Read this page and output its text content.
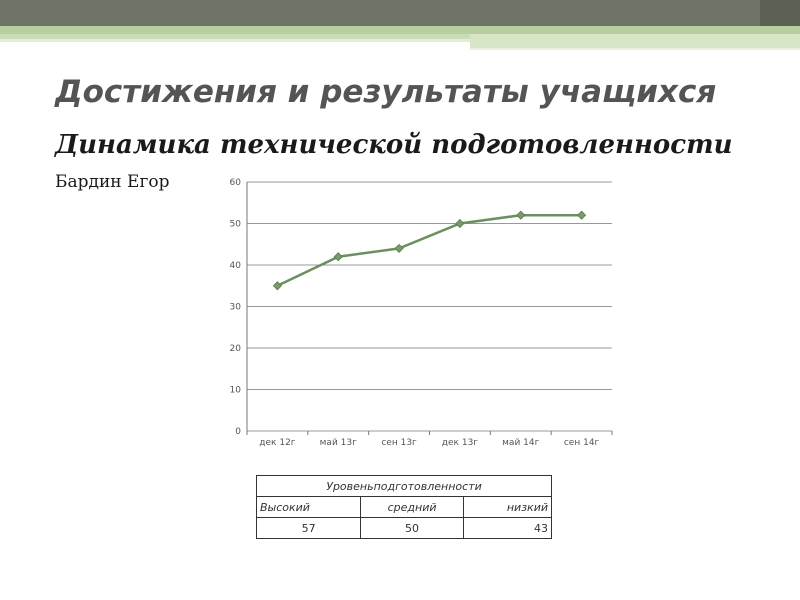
Достижения и результаты учащихся
Динамика технической подготовленности
Бардин Егор
0
10
20
30
40
50
60
дек 12г	май 13г	сен 13г	дек 13г	май 14г	сен 14г
Уровеньподготовленности		
Высокий	средний	низкий
57	50	43
